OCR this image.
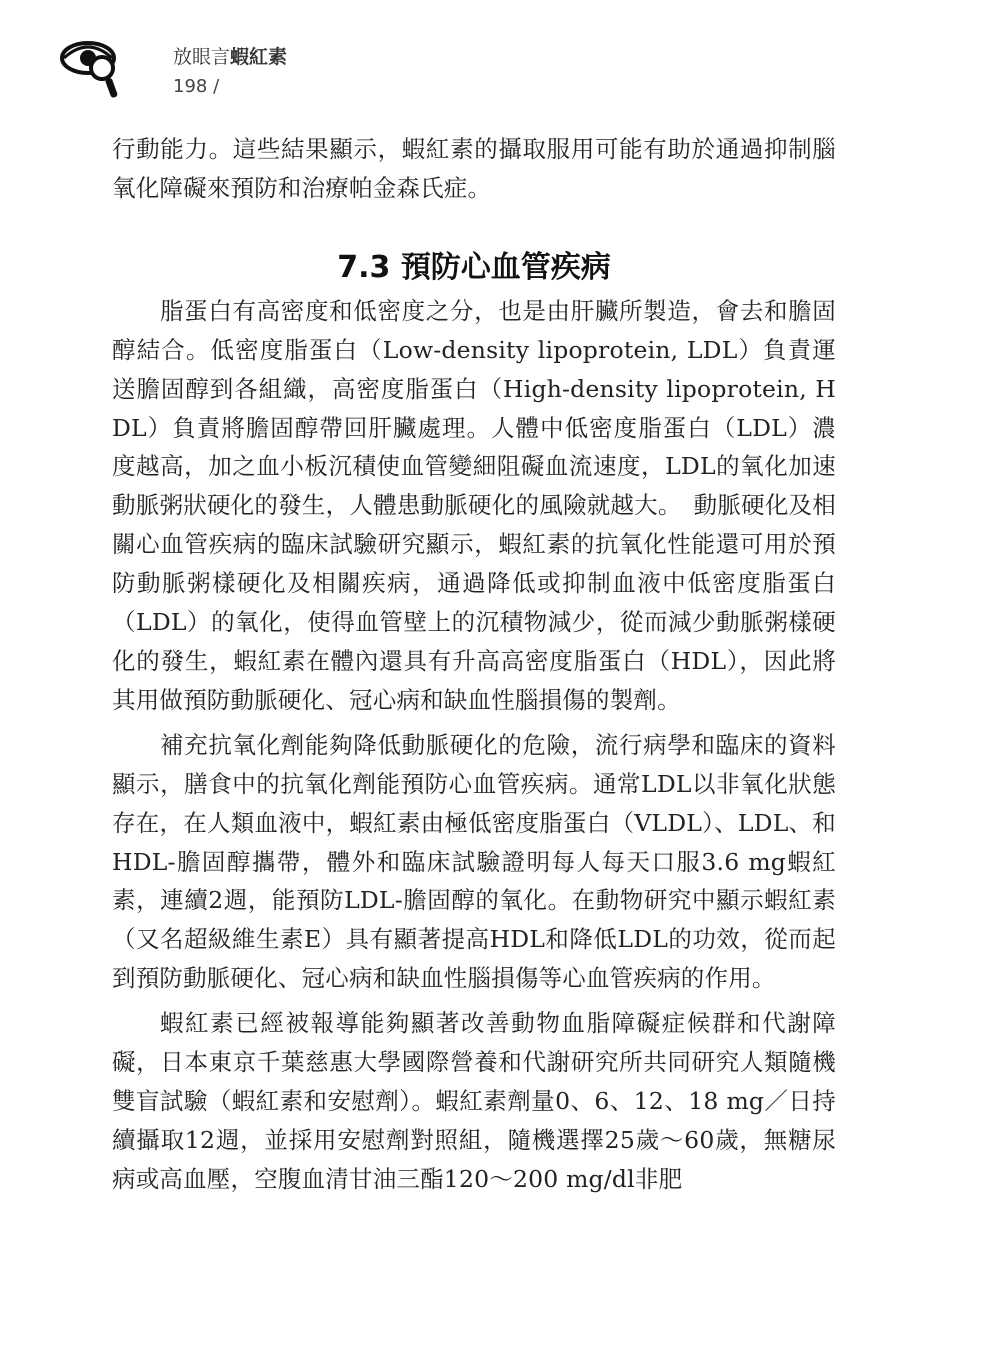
放眼言蝦紅素
198 /

行動能力。這些結果顯示，蝦紅素的攝取服用可能有助於通過抑制腦氧化障礙來預防和治療帕金森氏症。

7.3 預防心血管疾病

脂蛋白有高密度和低密度之分，也是由肝臟所製造，會去和膽固醇結合。低密度脂蛋白（Low-density lipoprotein, LDL）負責運送膽固醇到各組織，高密度脂蛋白（High-density lipoprotein, HDL）負責將膽固醇帶回肝臟處理。人體中低密度脂蛋白（LDL）濃度越高，加之血小板沉積使血管變細阻礙血流速度，LDL的氧化加速動脈粥狀硬化的發生，人體患動脈硬化的風險就越大。　動脈硬化及相關心血管疾病的臨床試驗研究顯示，蝦紅素的抗氧化性能還可用於預防動脈粥樣硬化及相關疾病，通過降低或抑制血液中低密度脂蛋白（LDL）的氧化，使得血管壁上的沉積物減少，從而減少動脈粥樣硬化的發生，蝦紅素在體內還具有升高高密度脂蛋白（HDL），因此將其用做預防動脈硬化、冠心病和缺血性腦損傷的製劑。

補充抗氧化劑能夠降低動脈硬化的危險，流行病學和臨床的資料顯示，膳食中的抗氧化劑能預防心血管疾病。通常LDL以非氧化狀態存在，在人類血液中，蝦紅素由極低密度脂蛋白（VLDL）、LDL、和HDL-膽固醇攜帶，體外和臨床試驗證明每人每天口服3.6 mg蝦紅素，連續2週，能預防LDL-膽固醇的氧化。在動物研究中顯示蝦紅素（又名超級維生素E）具有顯著提高HDL和降低LDL的功效，從而起到預防動脈硬化、冠心病和缺血性腦損傷等心血管疾病的作用。

蝦紅素已經被報導能夠顯著改善動物血脂障礙症候群和代謝障礙，日本東京千葉慈惠大學國際營養和代謝研究所共同研究人類隨機雙盲試驗（蝦紅素和安慰劑）。蝦紅素劑量0、6、12、18 mg／日持續攝取12週，並採用安慰劑對照組，隨機選擇25歲～60歲，無糖尿病或高血壓，空腹血清甘油三酯120～200 mg/dl非肥
